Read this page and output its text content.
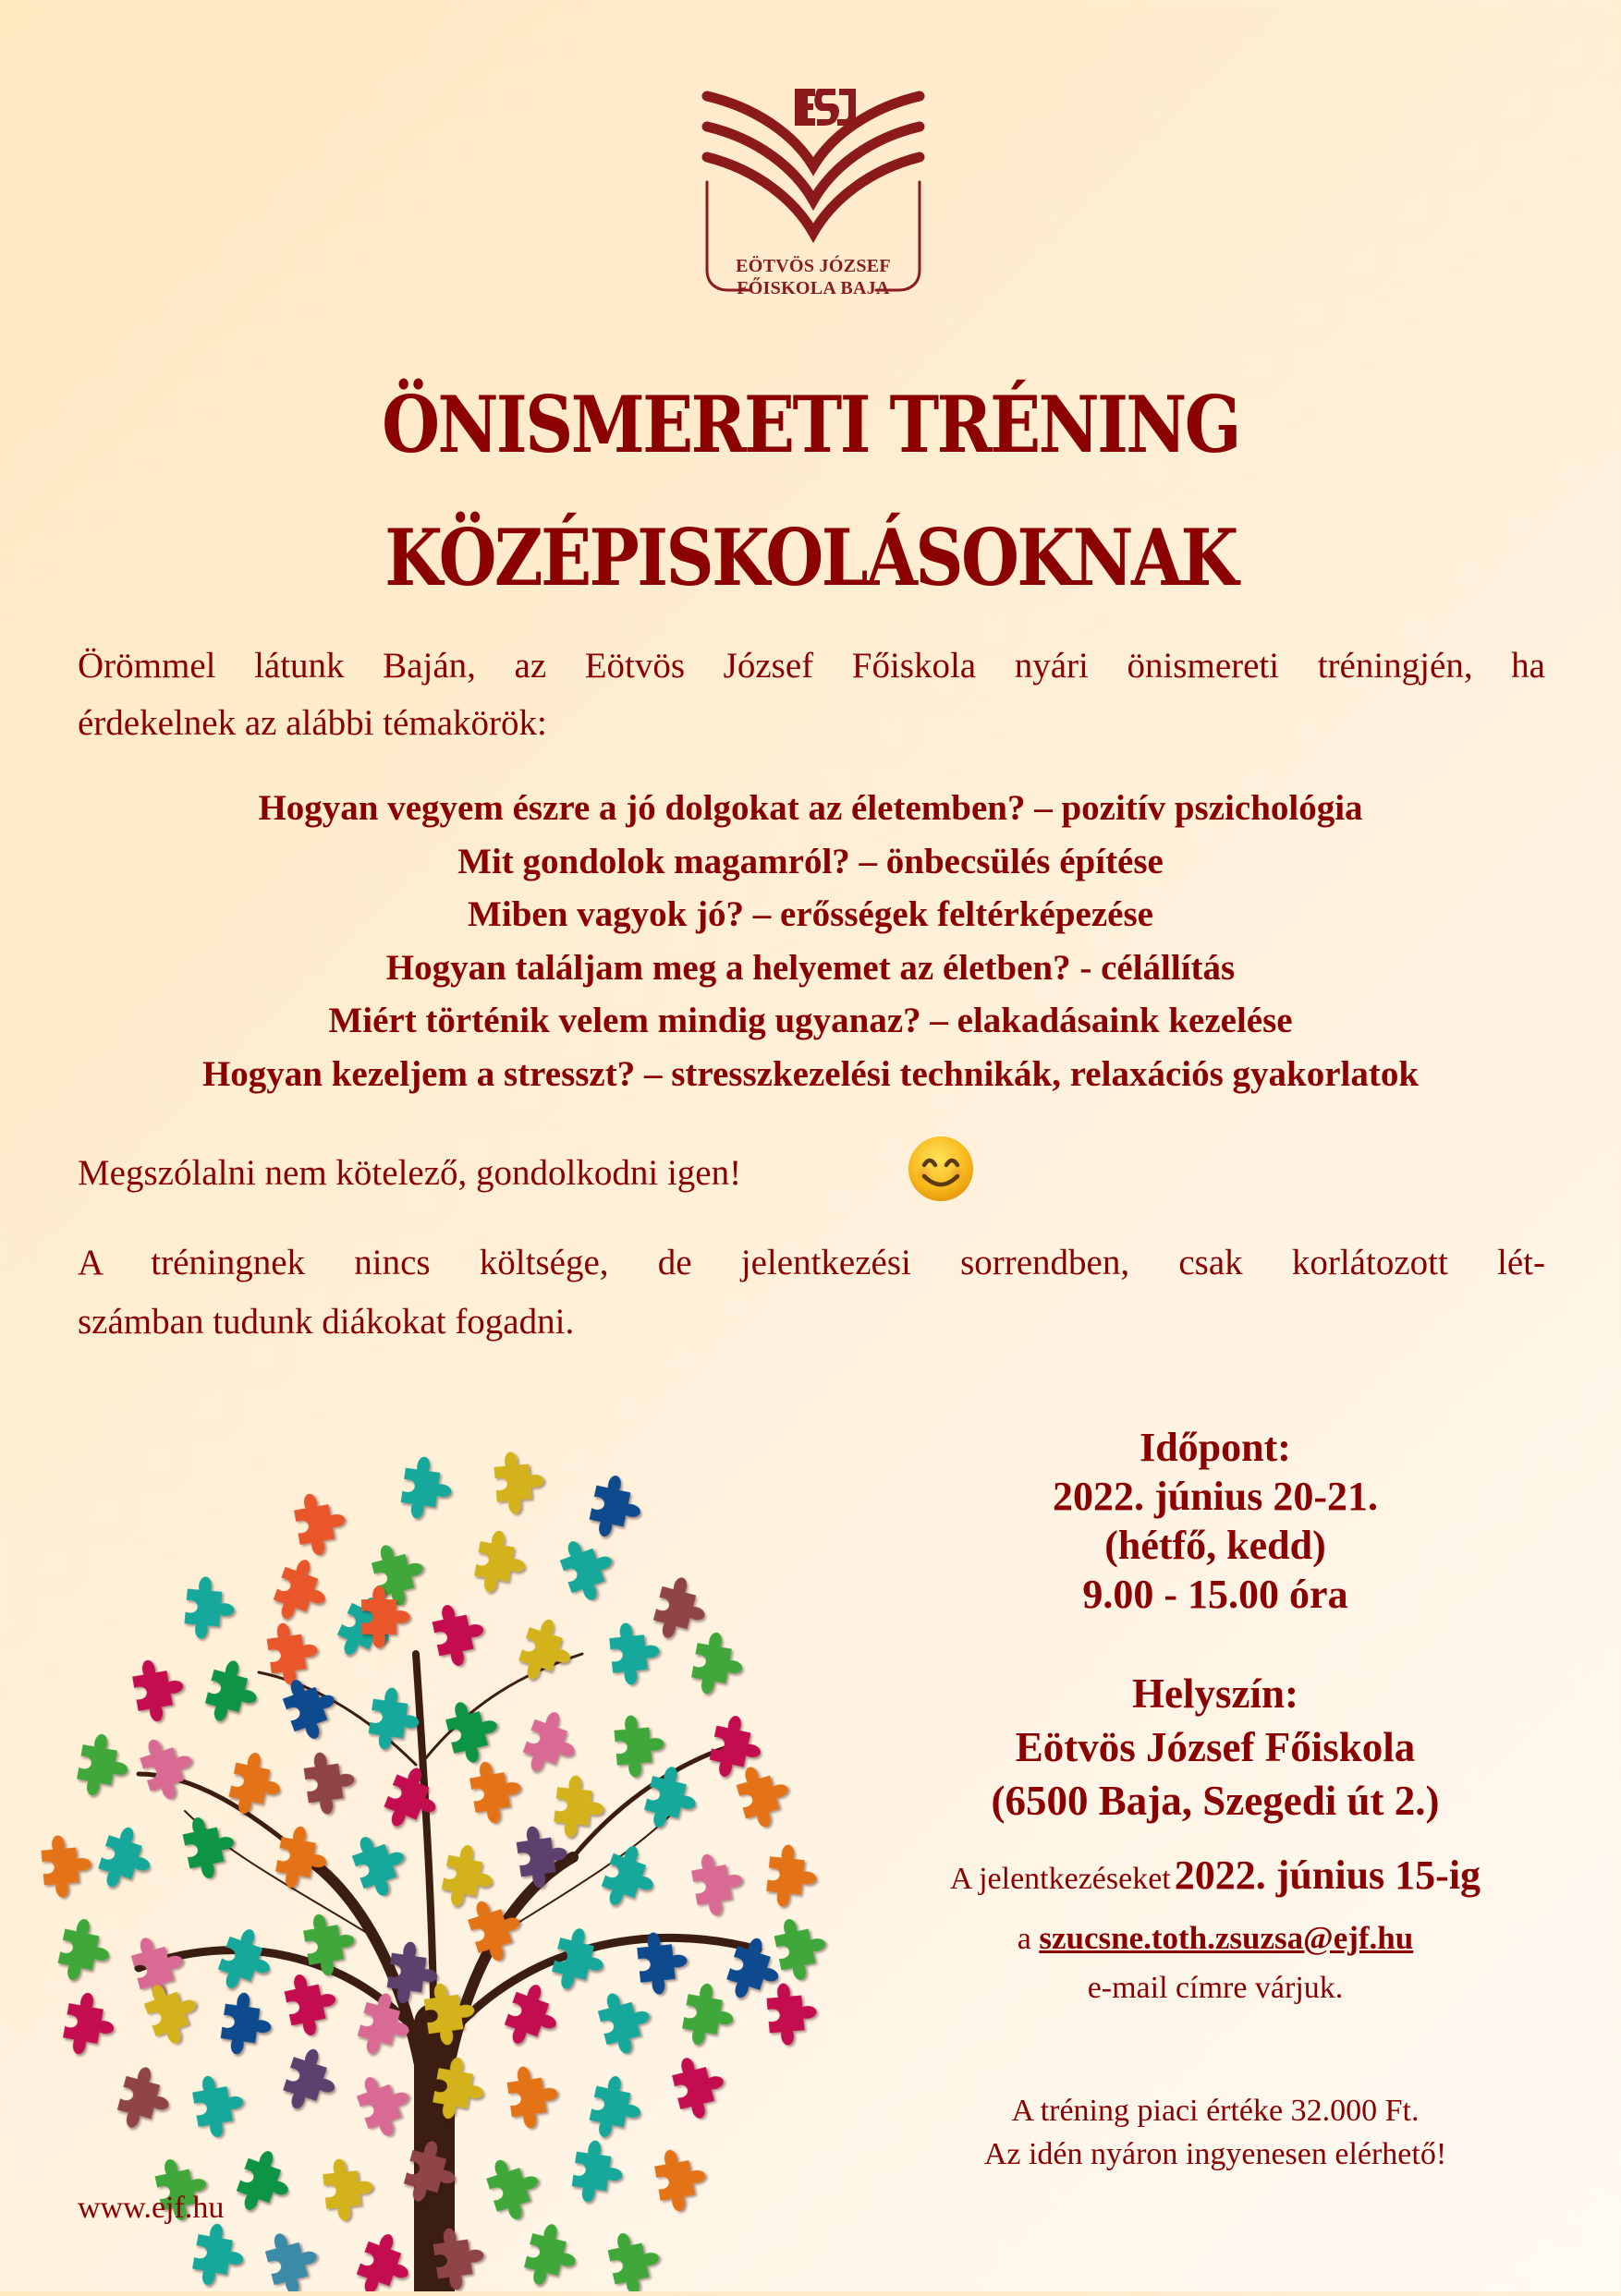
EÖTVÖS JÓZSEF
FŐISKOLA BAJA
ÖNISMERETI TRÉNING
KÖZÉPISKOLÁSOKNAK
Örömmel látunk Baján, az Eötvös József Főiskola nyári önismereti tréningjén, ha
érdekelnek az alábbi témakörök:
Hogyan vegyem észre a jó dolgokat az életemben? – pozitív pszichológia
Mit gondolok magamról? – önbecsülés építése
Miben vagyok jó? – erősségek feltérképezése
Hogyan találjam meg a helyemet az életben? - célállítás
Miért történik velem mindig ugyanaz? – elakadásaink kezelése
Hogyan kezeljem a stresszt? – stresszkezelési technikák, relaxációs gyakorlatok
Megszólalni nem kötelező, gondolkodni igen!
A tréningnek nincs költsége, de jelentkezési sorrendben, csak korlátozott lét-
számban tudunk diákokat fogadni.
Időpont:
2022. június 20-21.
(hétfő, kedd)
9.00 - 15.00 óra
Helyszín:
Eötvös József Főiskola
(6500 Baja, Szegedi út 2.)
A jelentkezéseket 2022. június 15-ig
a szucsne.toth.zsuzsa@ejf.hu
e-mail címre várjuk.
A tréning piaci értéke 32.000 Ft.
Az idén nyáron ingyenesen elérhető!
www.ejf.hu
